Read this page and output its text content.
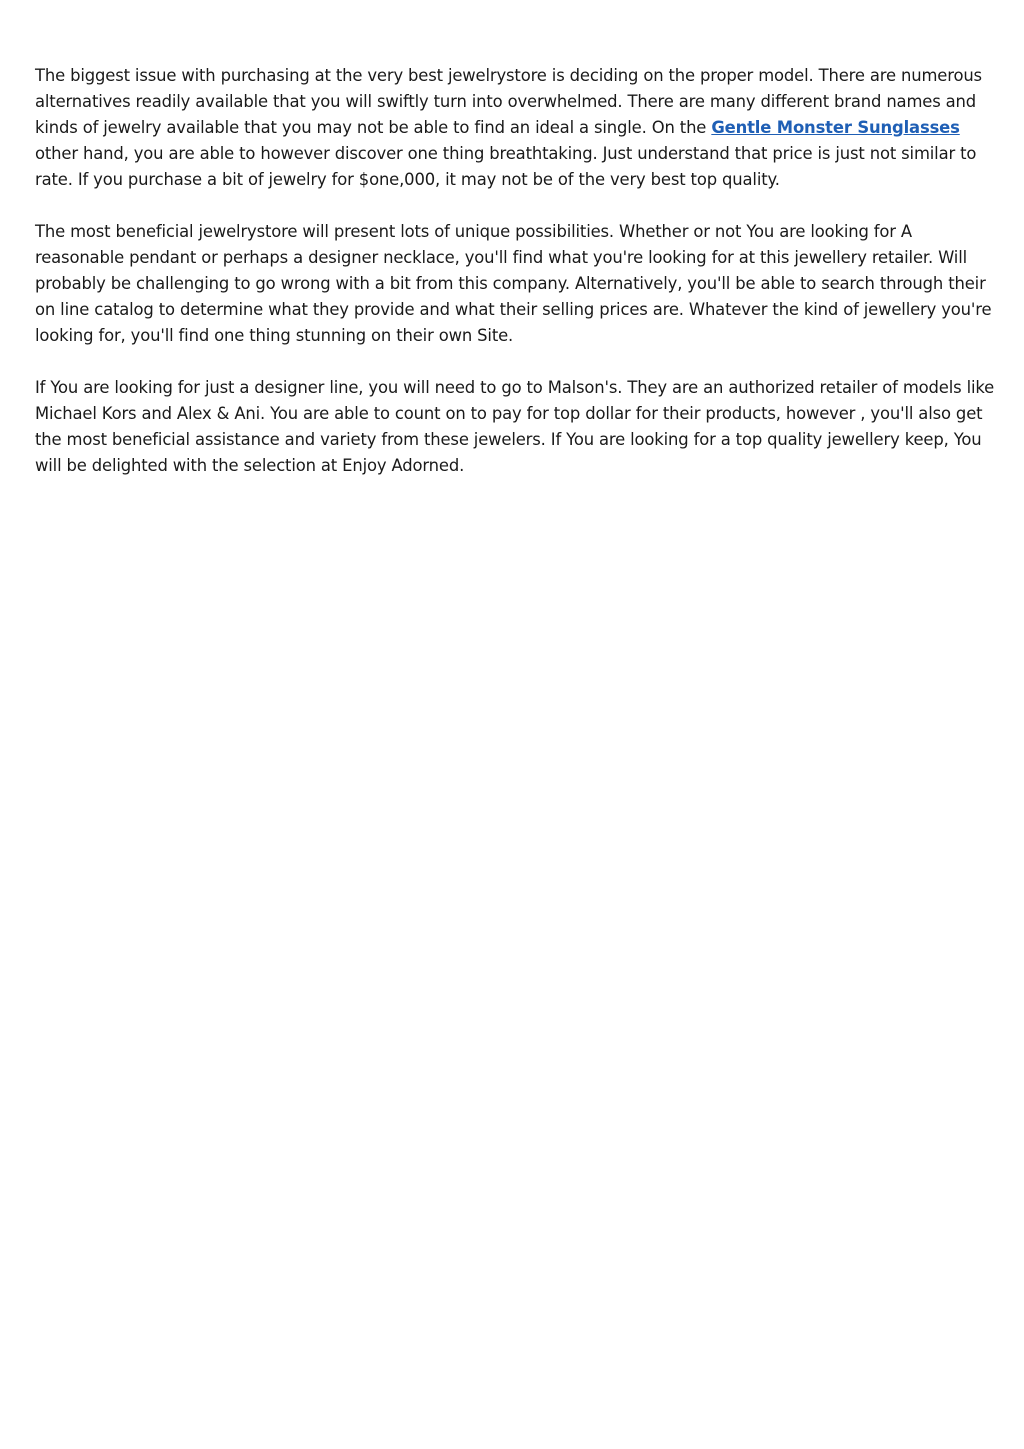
The biggest issue with purchasing at the very best jewelrystore is deciding on the proper model. There are numerous alternatives readily available that you will swiftly turn into overwhelmed. There are many different brand names and kinds of jewelry available that you may not be able to find an ideal a single. On the Gentle Monster Sunglasses other hand, you are able to however discover one thing breathtaking. Just understand that price is just not similar to rate. If you purchase a bit of jewelry for $one,000, it may not be of the very best top quality.

The most beneficial jewelrystore will present lots of unique possibilities. Whether or not You are looking for A reasonable pendant or perhaps a designer necklace, you'll find what you're looking for at this jewellery retailer. Will probably be challenging to go wrong with a bit from this company. Alternatively, you'll be able to search through their on line catalog to determine what they provide and what their selling prices are. Whatever the kind of jewellery you're looking for, you'll find one thing stunning on their own Site.

If You are looking for just a designer line, you will need to go to Malson's. They are an authorized retailer of models like Michael Kors and Alex & Ani. You are able to count on to pay for top dollar for their products, however , you'll also get the most beneficial assistance and variety from these jewelers. If You are looking for a top quality jewellery keep, You will be delighted with the selection at Enjoy Adorned.
